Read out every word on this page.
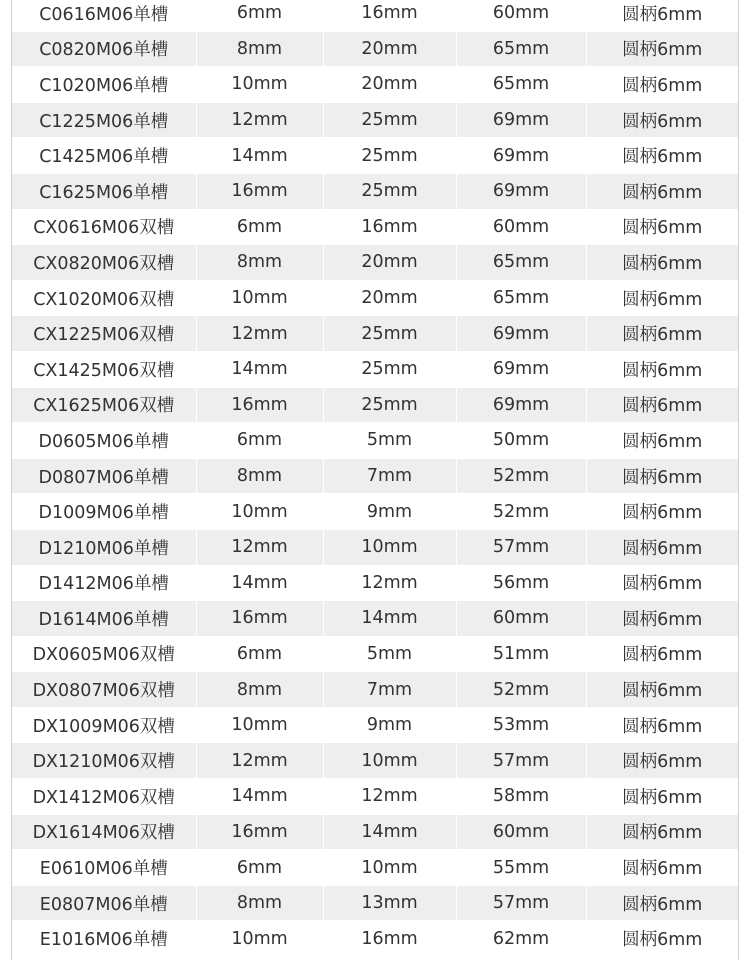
C0616M06单槽	6mm	16mm	60mm	圆柄6mm
C0820M06单槽	8mm	20mm	65mm	圆柄6mm
C1020M06单槽	10mm	20mm	65mm	圆柄6mm
C1225M06单槽	12mm	25mm	69mm	圆柄6mm
C1425M06单槽	14mm	25mm	69mm	圆柄6mm
C1625M06单槽	16mm	25mm	69mm	圆柄6mm
CX0616M06双槽	6mm	16mm	60mm	圆柄6mm
CX0820M06双槽	8mm	20mm	65mm	圆柄6mm
CX1020M06双槽	10mm	20mm	65mm	圆柄6mm
CX1225M06双槽	12mm	25mm	69mm	圆柄6mm
CX1425M06双槽	14mm	25mm	69mm	圆柄6mm
CX1625M06双槽	16mm	25mm	69mm	圆柄6mm
D0605M06单槽	6mm	5mm	50mm	圆柄6mm
D0807M06单槽	8mm	7mm	52mm	圆柄6mm
D1009M06单槽	10mm	9mm	52mm	圆柄6mm
D1210M06单槽	12mm	10mm	57mm	圆柄6mm
D1412M06单槽	14mm	12mm	56mm	圆柄6mm
D1614M06单槽	16mm	14mm	60mm	圆柄6mm
DX0605M06双槽	6mm	5mm	51mm	圆柄6mm
DX0807M06双槽	8mm	7mm	52mm	圆柄6mm
DX1009M06双槽	10mm	9mm	53mm	圆柄6mm
DX1210M06双槽	12mm	10mm	57mm	圆柄6mm
DX1412M06双槽	14mm	12mm	58mm	圆柄6mm
DX1614M06双槽	16mm	14mm	60mm	圆柄6mm
E0610M06单槽	6mm	10mm	55mm	圆柄6mm
E0807M06单槽	8mm	13mm	57mm	圆柄6mm
E1016M06单槽	10mm	16mm	62mm	圆柄6mm
